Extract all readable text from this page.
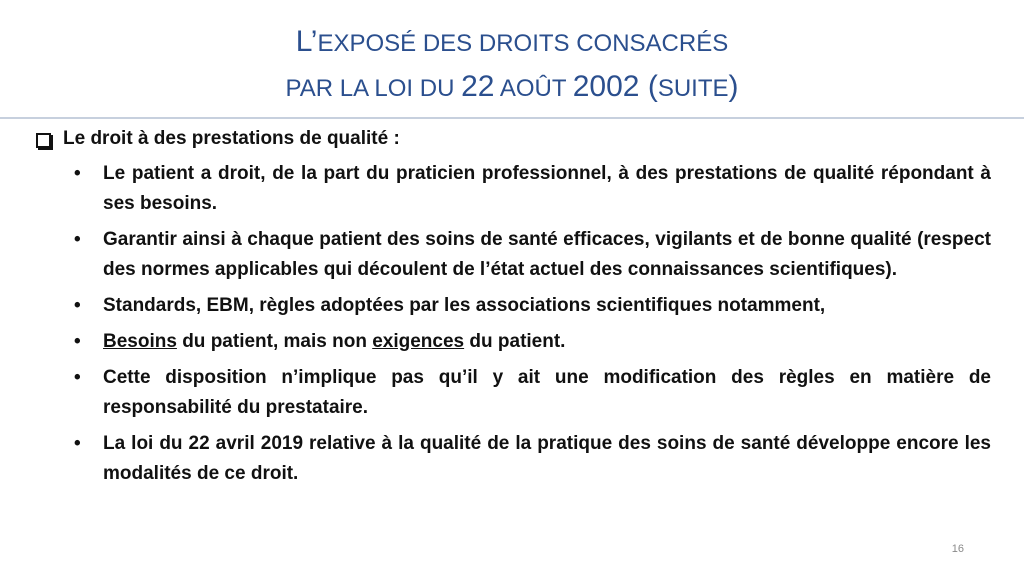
L’EXPOSÉ DES DROITS CONSACRÉS
PAR LA LOI DU 22 AOÛT 2002 (SUITE)
Le droit à des prestations de qualité :
• Le patient a droit, de la part du praticien professionnel, à des prestations de qualité répondant à ses besoins.
• Garantir ainsi à chaque patient des soins de santé efficaces, vigilants et de bonne qualité (respect des normes applicables qui découlent de l’état actuel des connaissances scientifiques).
• Standards, EBM, règles adoptées par les associations scientifiques notamment,
• Besoins du patient, mais non exigences du patient.
• Cette disposition n’implique pas qu’il y ait une modification des règles en matière de responsabilité du prestataire.
• La loi du 22 avril 2019 relative à la qualité de la pratique des soins de santé développe encore les modalités de ce droit.
16
